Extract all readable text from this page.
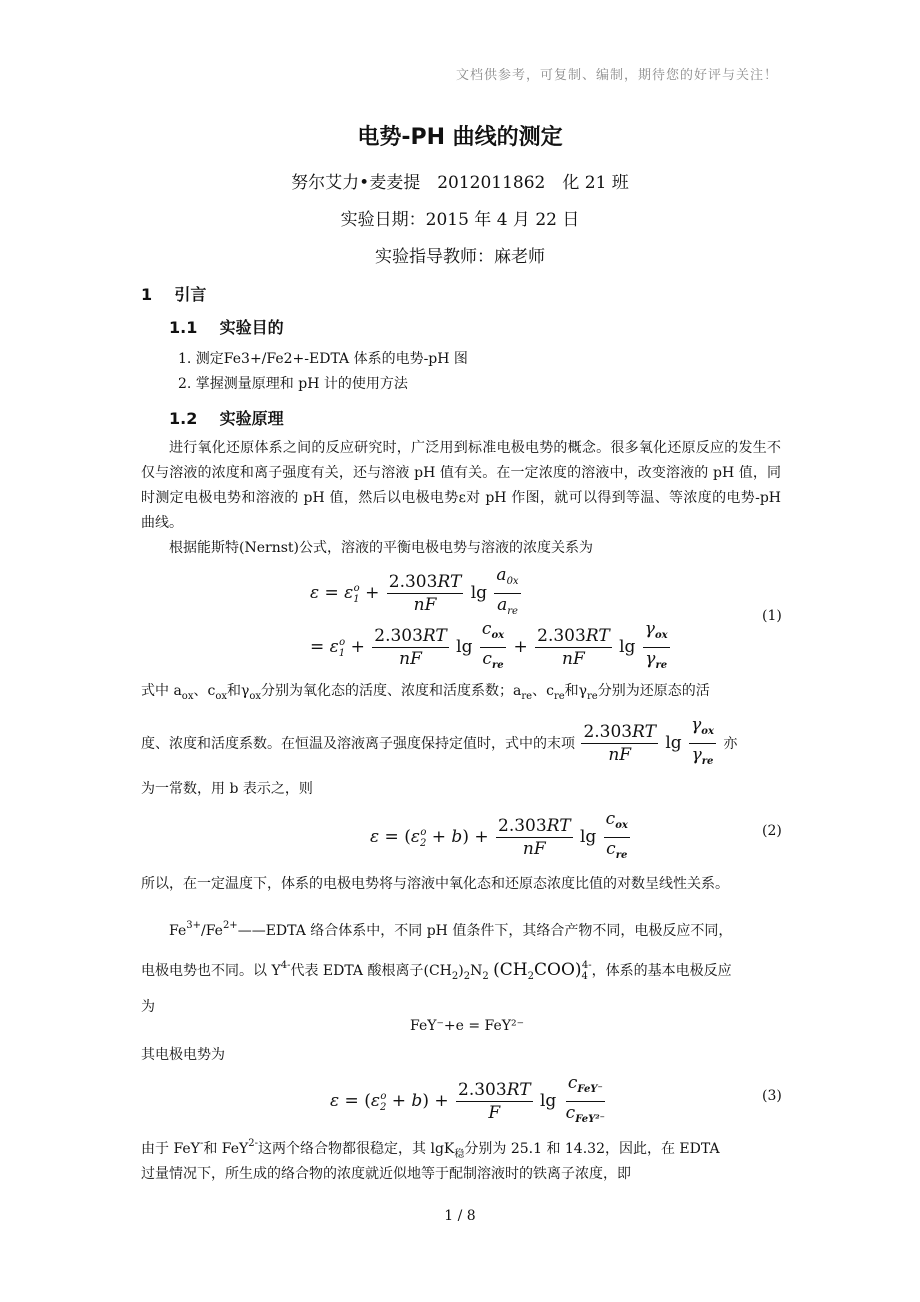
文档供参考，可复制、编制，期待您的好评与关注！
电势-PH 曲线的测定
努尔艾力•麦麦提　2012011862　化 21 班
实验日期：2015 年 4 月 22 日
实验指导教师：麻老师
1 引言
1.1 实验目的
1. 测定Fe3+/Fe2+-EDTA 体系的电势-pH 图
2. 掌握测量原理和 pH 计的使用方法
1.2 实验原理
进行氧化还原体系之间的反应研究时，广泛用到标准电极电势的概念。很多氧化还原反应的发生不仅与溶液的浓度和离子强度有关，还与溶液 pH 值有关。在一定浓度的溶液中，改变溶液的 pH 值，同时测定电极电势和溶液的 pH 值，然后以电极电势ε对 pH 作图，就可以得到等温、等浓度的电势-pH 曲线。
根据能斯特(Nernst)公式，溶液的平衡电极电势与溶液的浓度关系为
$\varepsilon = \varepsilon_1^o + \frac{2.303RT}{nF}$ $\lg \frac{a_{0x}}{a_{re}}$
= $\varepsilon_1^o + \frac{2.303RT}{nF}$ $\lg \frac{c_{ox}}{c_{re}} + \frac{2.303RT}{nF}$ $\lg \frac{\gamma_{ox}}{\gamma_{re}}$
(1)
式中 $a_{ox}$、$c_{ox}$和$\gamma_{ox}$分别为氧化态的活度、浓度和活度系数；$a_{re}$、$c_{re}$和$\gamma_{re}$分别为还原态的活
度、浓度和活度系数。在恒温及溶液离子强度保持定值时，式中的末项 $\frac{2.303RT}{nF}$ $\lg \frac{\gamma_{ox}}{\gamma_{re}}$ 亦
为一常数，用 b 表示之，则
$\varepsilon = (\varepsilon_2^o + b) + \frac{2.303RT}{nF}$ $\lg \frac{c_{ox}}{c_{re}}$	(2)
所以，在一定温度下，体系的电极电势将与溶液中氧化态和还原态浓度比值的对数呈线性关系。
$Fe^{3+}/Fe^{2+}——EDTA$ 络合体系中，不同 pH 值条件下，其络合产物不同，电极反应不同，
电极电势也不同。以 $Y^{4-}$代表 EDTA 酸根离子$(CH_2)_2N_2$ $(CH_2COO)_4^{4-}$，体系的基本电极反应
为
FeY⁻+e = FeY²⁻
其电极电势为
$\varepsilon = (\varepsilon_2^o + b) + \frac{2.303RT}{F}$ $\lg \frac{c_{FeY^-}}{c_{FeY^{2-}}}$	(3)
由于 FeY-和 FeY$^{2-}$这两个络合物都很稳定，其 lgK$_稳$分别为 25.1 和 14.32，因此，在 EDTA
过量情况下，所生成的络合物的浓度就近似地等于配制溶液时的铁离子浓度，即
1 / 8
